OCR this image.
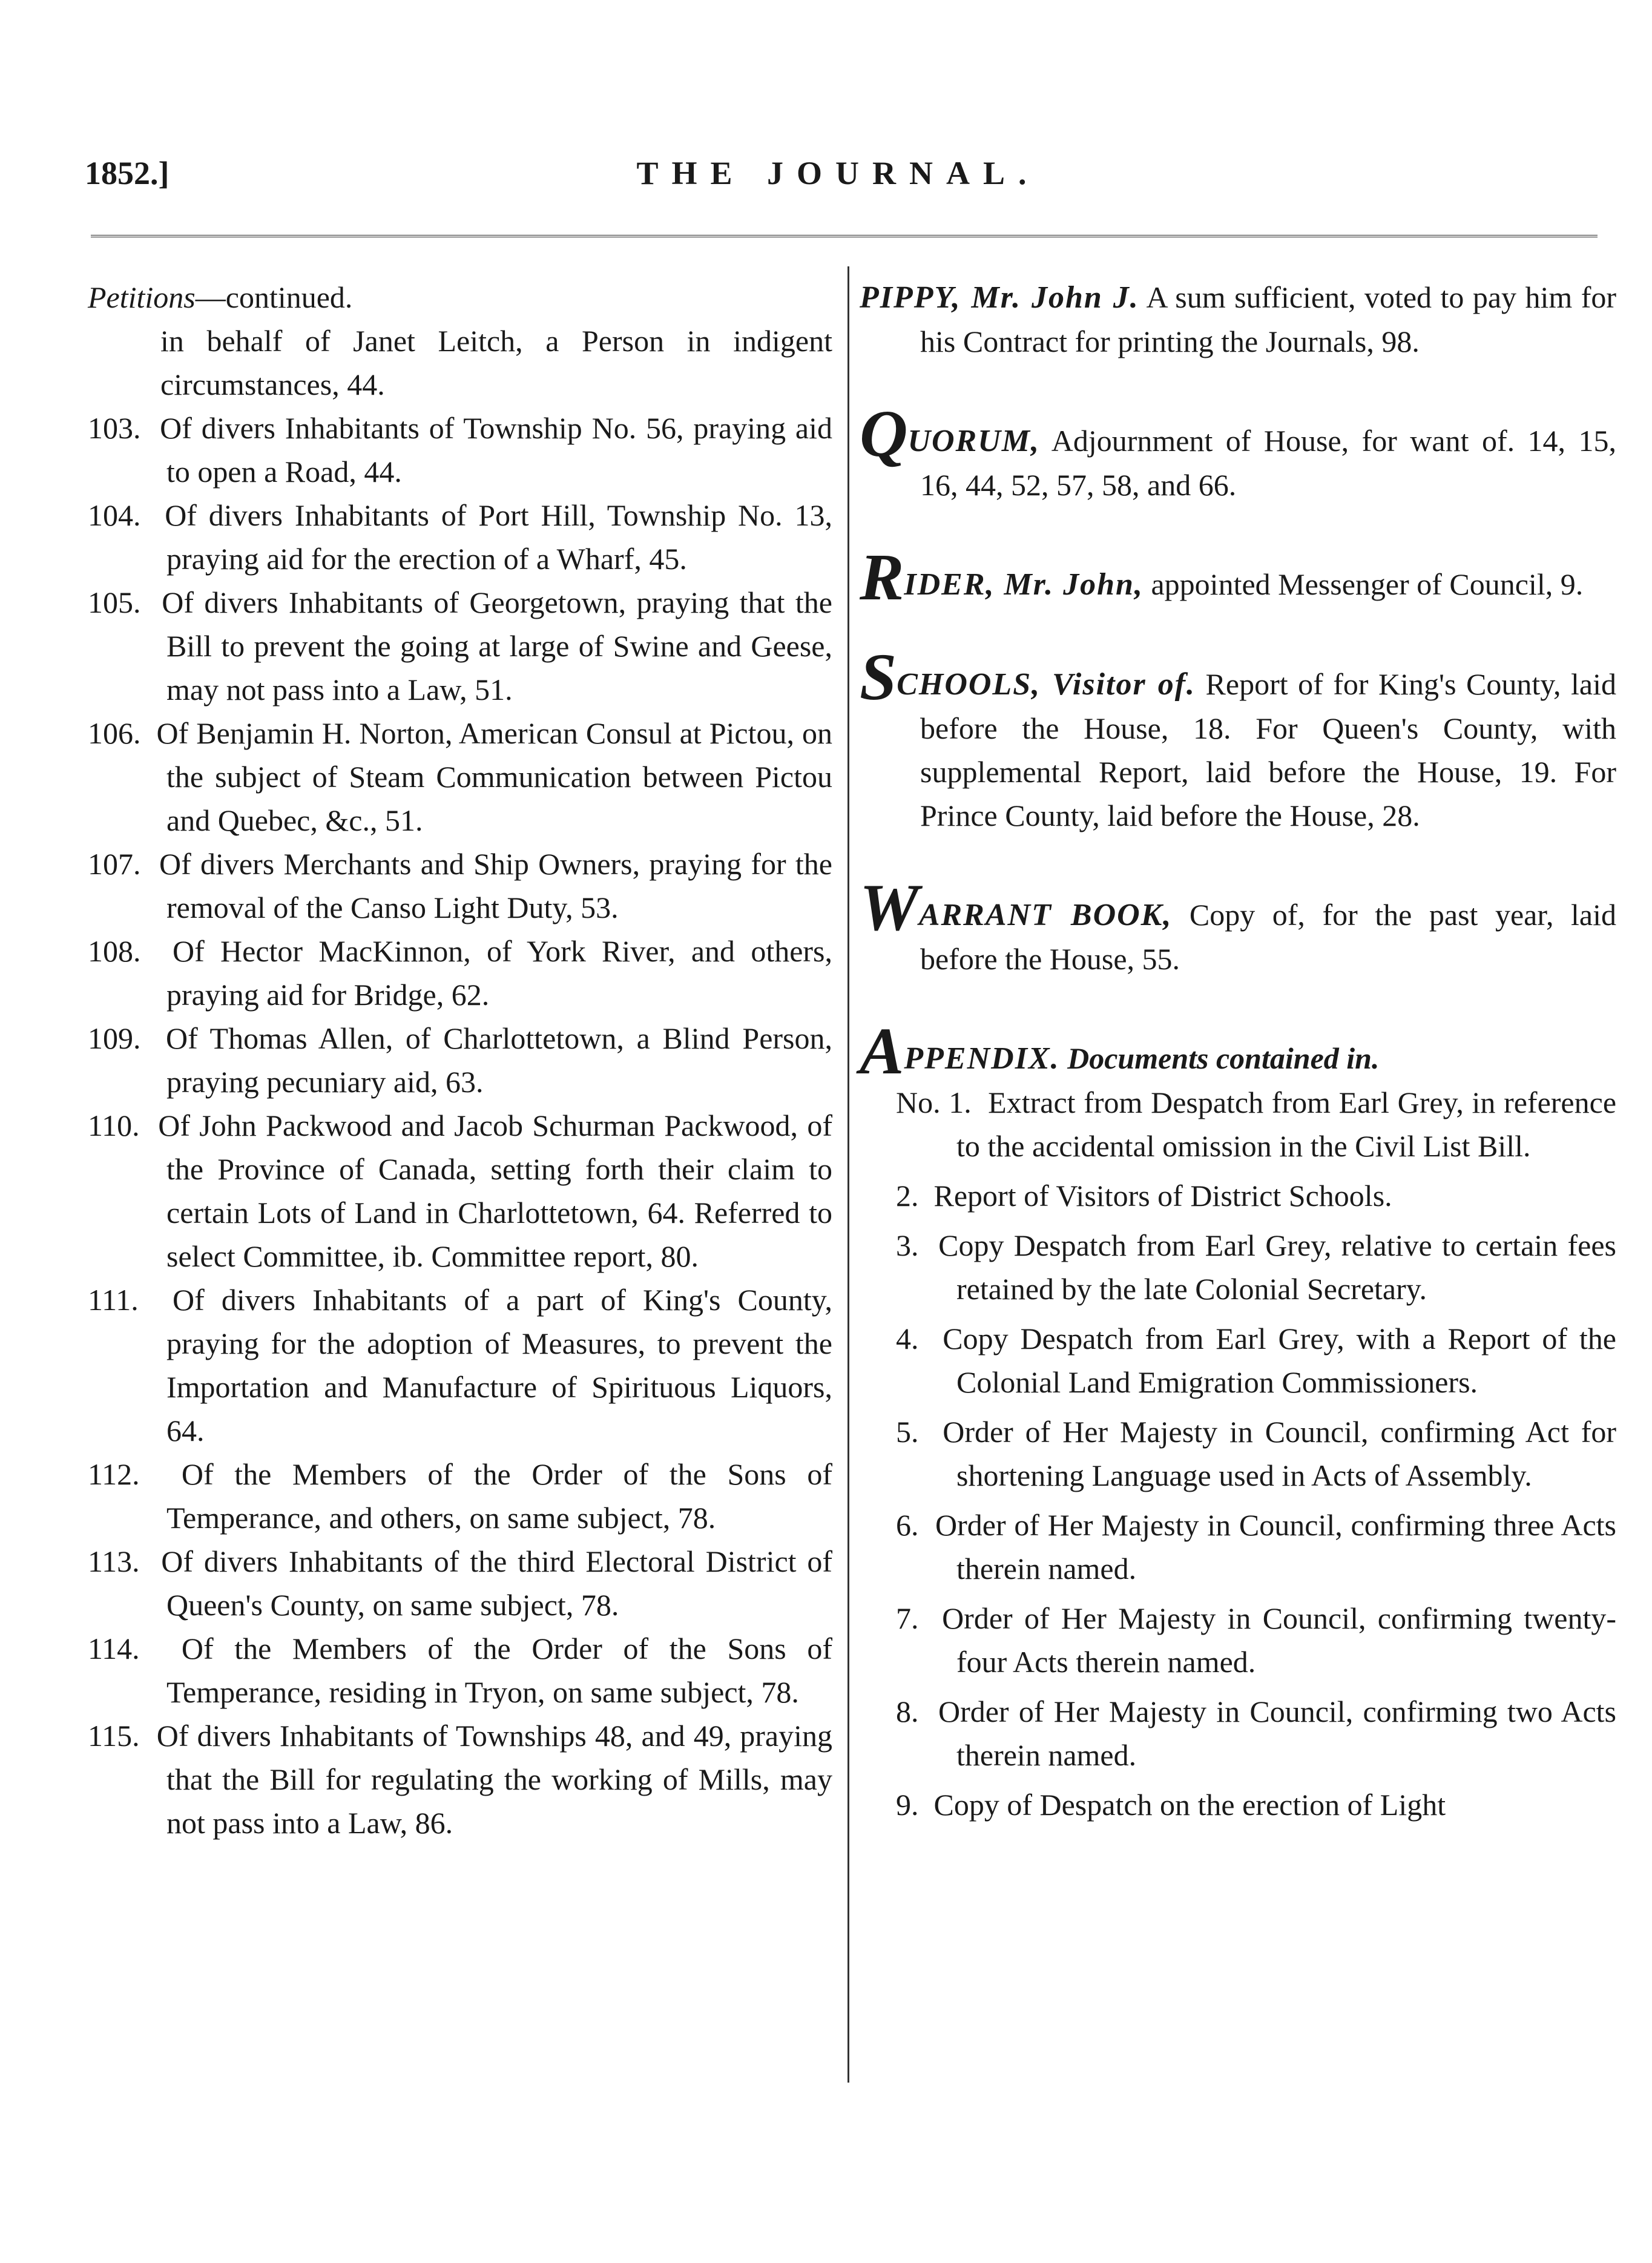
1852.]	THE JOURNAL.

Petitions—continued.

in behalf of Janet Leitch, a Person in indigent circumstances, 44.

103. Of divers Inhabitants of Township No. 56, praying aid to open a Road, 44.

104. Of divers Inhabitants of Port Hill, Township No. 13, praying aid for the erection of a Wharf, 45.

105. Of divers Inhabitants of Georgetown, praying that the Bill to prevent the going at large of Swine and Geese, may not pass into a Law, 51.

106. Of Benjamin H. Norton, American Consul at Pictou, on the subject of Steam Communication between Pictou and Quebec, &c., 51.

107. Of divers Merchants and Ship Owners, praying for the removal of the Canso Light Duty, 53.

108. Of Hector MacKinnon, of York River, and others, praying aid for Bridge, 62.

109. Of Thomas Allen, of Charlottetown, a Blind Person, praying pecuniary aid, 63.

110. Of John Packwood and Jacob Schurman Packwood, of the Province of Canada, setting forth their claim to certain Lots of Land in Charlottetown, 64. Referred to select Committee, ib. Committee report, 80.

111. Of divers Inhabitants of a part of King's County, praying for the adoption of Measures, to prevent the Importation and Manufacture of Spirituous Liquors, 64.

112. Of the Members of the Order of the Sons of Temperance, and others, on same subject, 78.

113. Of divers Inhabitants of the third Electoral District of Queen's County, on same subject, 78.

114. Of the Members of the Order of the Sons of Temperance, residing in Tryon, on same subject, 78.

115. Of divers Inhabitants of Townships 48, and 49, praying that the Bill for regulating the working of Mills, may not pass into a Law, 86.

PIPPY, Mr. John J. A sum sufficient, voted to pay him for his Contract for printing the Journals, 98.

QUORUM, Adjournment of House, for want of. 14, 15, 16, 44, 52, 57, 58, and 66.

RIDER, Mr. John, appointed Messenger of Council, 9.

SCHOOLS, Visitor of. Report of for King's County, laid before the House, 18. For Queen's County, with supplemental Report, laid before the House, 19. For Prince County, laid before the House, 28.

WARRANT BOOK, Copy of, for the past year, laid before the House, 55.

APPENDIX. Documents contained in.

No. 1. Extract from Despatch from Earl Grey, in reference to the accidental omission in the Civil List Bill.

2. Report of Visitors of District Schools.

3. Copy Despatch from Earl Grey, relative to certain fees retained by the late Colonial Secretary.

4. Copy Despatch from Earl Grey, with a Report of the Colonial Land Emigration Commissioners.

5. Order of Her Majesty in Council, confirming Act for shortening Language used in Acts of Assembly.

6. Order of Her Majesty in Council, confirming three Acts therein named.

7. Order of Her Majesty in Council, confirming twenty-four Acts therein named.

8. Order of Her Majesty in Council, confirming two Acts therein named.

9. Copy of Despatch on the erection of Light
